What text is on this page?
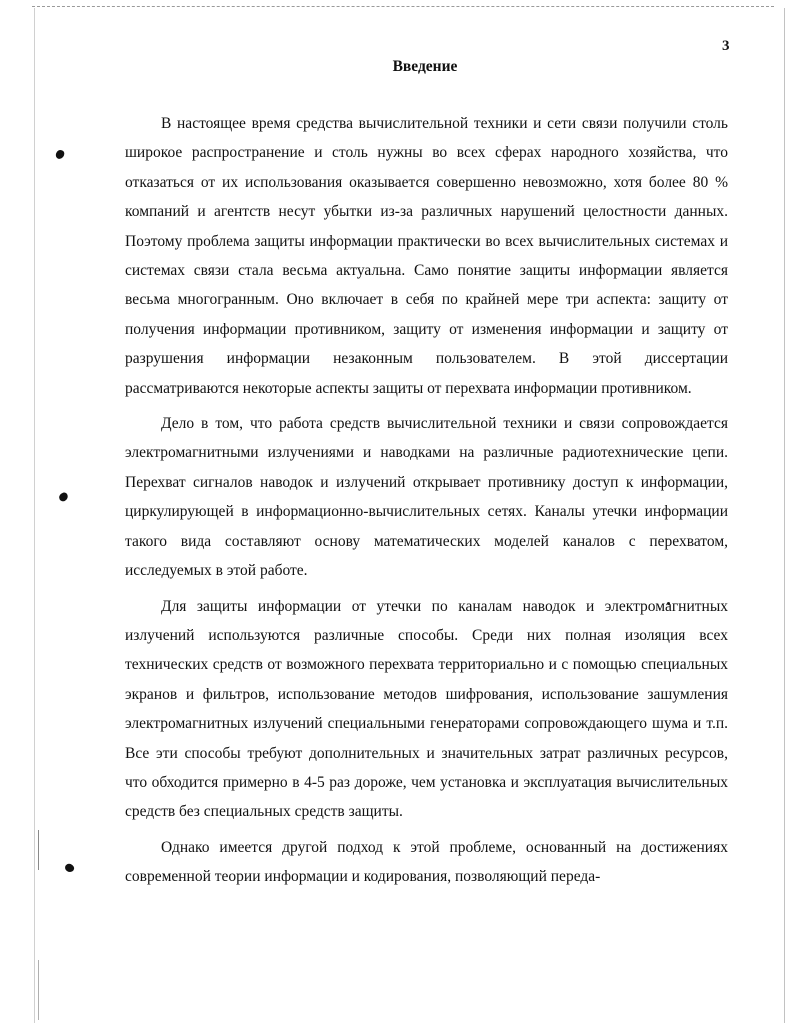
3
Введение

В настоящее время средства вычислительной техники и сети связи получили столь широкое распространение и столь нужны во всех сферах народного хозяйства, что отказаться от их использования оказывается совершенно невозможно, хотя более 80 % компаний и агентств несут убытки из-за различных нарушений целостности данных. Поэтому проблема защиты информации практически во всех вычислительных системах и системах связи стала весьма актуальна. Само понятие защиты информации является весьма многогранным. Оно включает в себя по крайней мере три аспекта: защиту от получения информации противником, защиту от изменения информации и защиту от разрушения информации незаконным пользователем. В этой диссертации рассматриваются некоторые аспекты защиты от перехвата информации противником.

Дело в том, что работа средств вычислительной техники и связи сопровождается электромагнитными излучениями и наводками на различные радиотехнические цепи. Перехват сигналов наводок и излучений открывает противнику доступ к информации, циркулирующей в информационно-вычислительных сетях. Каналы утечки информации такого вида составляют основу математических моделей каналов с перехватом, исследуемых в этой работе.

Для защиты информации от утечки по каналам наводок и электромагнитных излучений используются различные способы. Среди них полная изоляция всех технических средств от возможного перехвата территориально и с помощью специальных экранов и фильтров, использование методов шифрования, использование зашумления электромагнитных излучений специальными генераторами сопровождающего шума и т.п. Все эти способы требуют дополнительных и значительных затрат различных ресурсов, что обходится примерно в 4-5 раз дороже, чем установка и эксплуатация вычислительных средств без специальных средств защиты.

Однако имеется другой подход к этой проблеме, основанный на достижениях современной теории информации и кодирования, позволяющий переда-
